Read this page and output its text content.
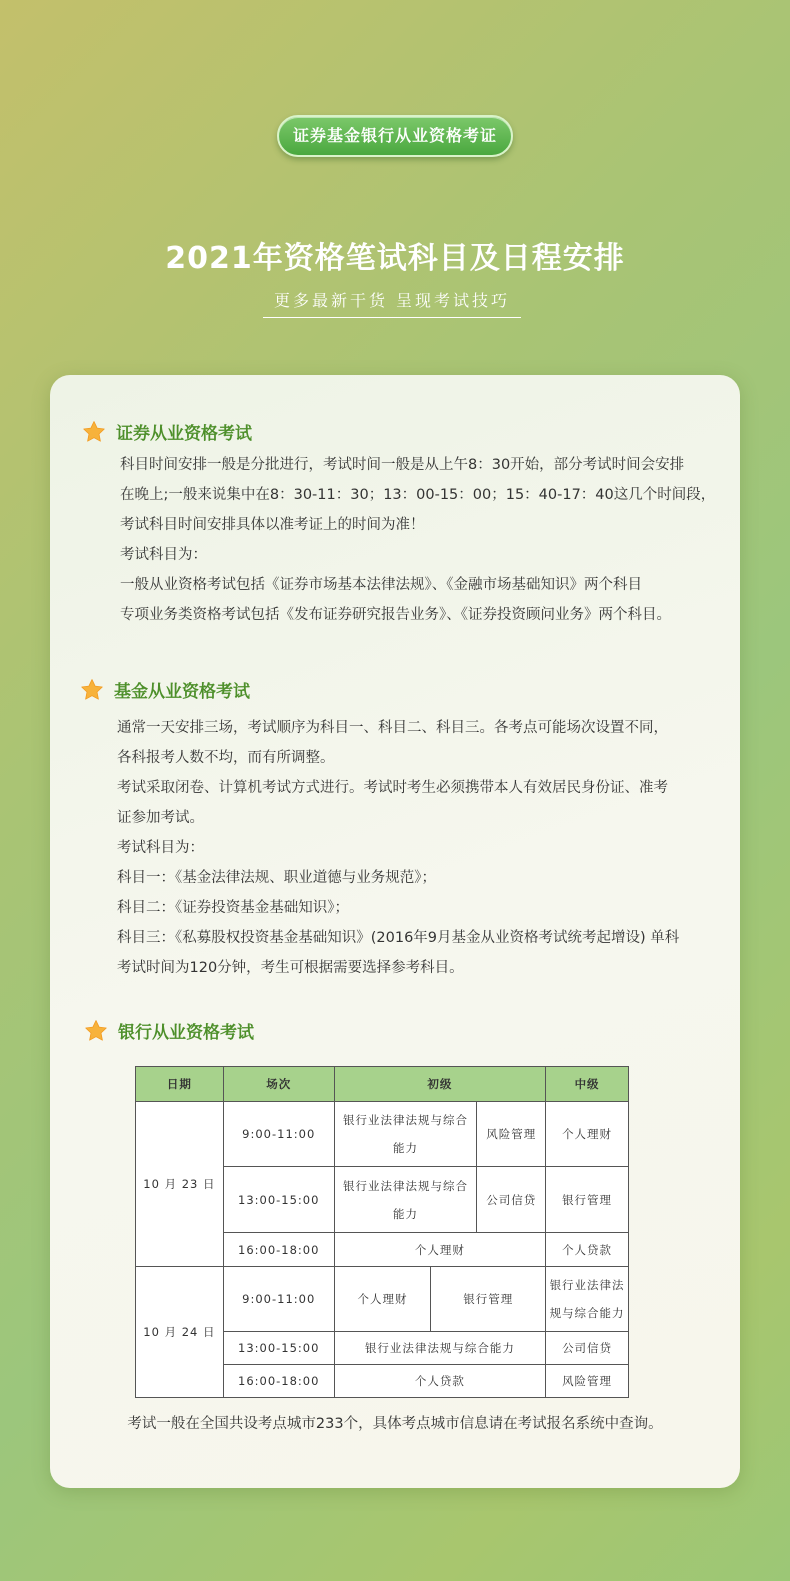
证券基金银行从业资格考证
2021年资格笔试科目及日程安排
更多最新干货 呈现考试技巧
证券从业资格考试

科目时间安排一般是分批进行，考试时间一般是从上午8：30开始，部分考试时间会安排

在晚上;一般来说集中在8：30-11：30；13：00-15：00；15：40-17：40这几个时间段，

考试科目时间安排具体以准考证上的时间为准！

考试科目为：

一般从业资格考试包括《证券市场基本法律法规》、《金融市场基础知识》两个科目

专项业务类资格考试包括《发布证券研究报告业务》、《证券投资顾问业务》两个科目。

基金从业资格考试

通常一天安排三场，考试顺序为科目一、科目二、科目三。各考点可能场次设置不同，

各科报考人数不均，而有所调整。

考试采取闭卷、计算机考试方式进行。考试时考生必须携带本人有效居民身份证、准考

证参加考试。

考试科目为：

科目一：《基金法律法规、职业道德与业务规范》；

科目二：《证券投资基金基础知识》；

科目三：《私募股权投资基金基础知识》(2016年9月基金从业资格考试统考起增设) 单科

考试时间为120分钟，考生可根据需要选择参考科目。

银行从业资格考试
日期	场次	初级			中级
10 月 23 日	9:00-11:00	银行业法律法规与综合能力		风险管理	个人理财
	13:00-15:00	银行业法律法规与综合能力		公司信贷	银行管理
	16:00-18:00	个人理财			个人贷款
10 月 24 日	9:00-11:00	个人理财	银行管理		银行业法律法规与综合能力
	13:00-15:00	银行业法律法规与综合能力			公司信贷
	16:00-18:00	个人贷款			风险管理
考试一般在全国共设考点城市233个，具体考点城市信息请在考试报名系统中查询。
